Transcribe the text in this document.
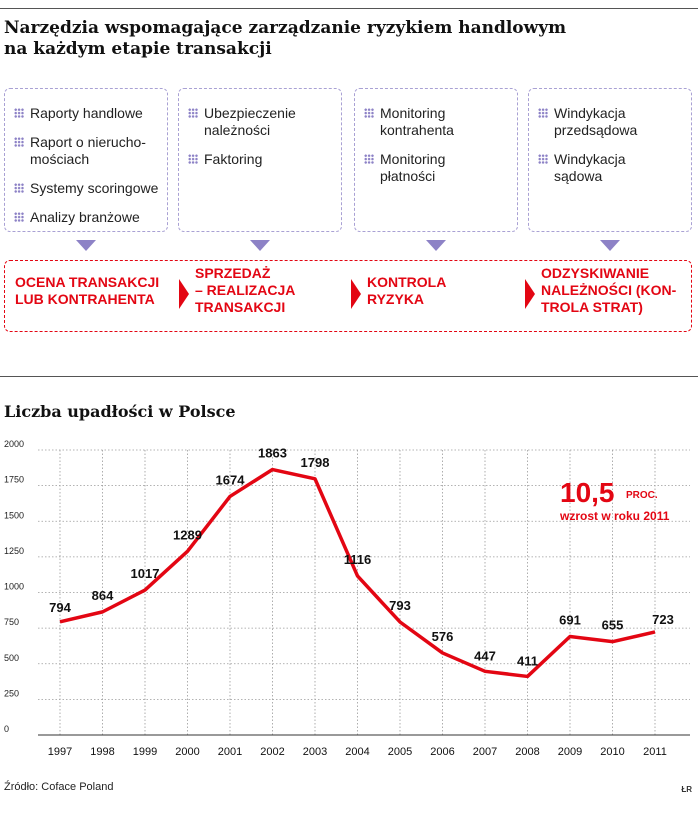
Narzędzia wspomagające zarządzanie ryzykiem handlowym
na każdym etapie transakcji
Raporty handlowe
Raport o nierucho-
mościach
Systemy scoringowe
Analizy branżowe
Ubezpieczenie
należności
Faktoring
Monitoring
kontrahenta
Monitoring
płatności
Windykacja
przedsądowa
Windykacja
sądowa
OCENA TRANSAKCJI
LUB KONTRAHENTA
SPRZEDAŻ
– REALIZACJA
TRANSAKCJI
KONTROLA
RYZYKA
ODZYSKIWANIE
NALEŻNOŚCI (KON-
TROLA STRAT)
Liczba upadłości w Polsce
0
250
500
750
1000
1250
1500
1750
2000
1997 1998 1999 2000 2001 2002 2003 2004 2005 2006 2007 2008 2009 2010 2011
794
864
1017
1289
1674
1863
1798
1116
793
576
447 411
691 655 723
10,5 PROC.
wzrost w roku 2011
Źródło: Coface Poland	ŁR
